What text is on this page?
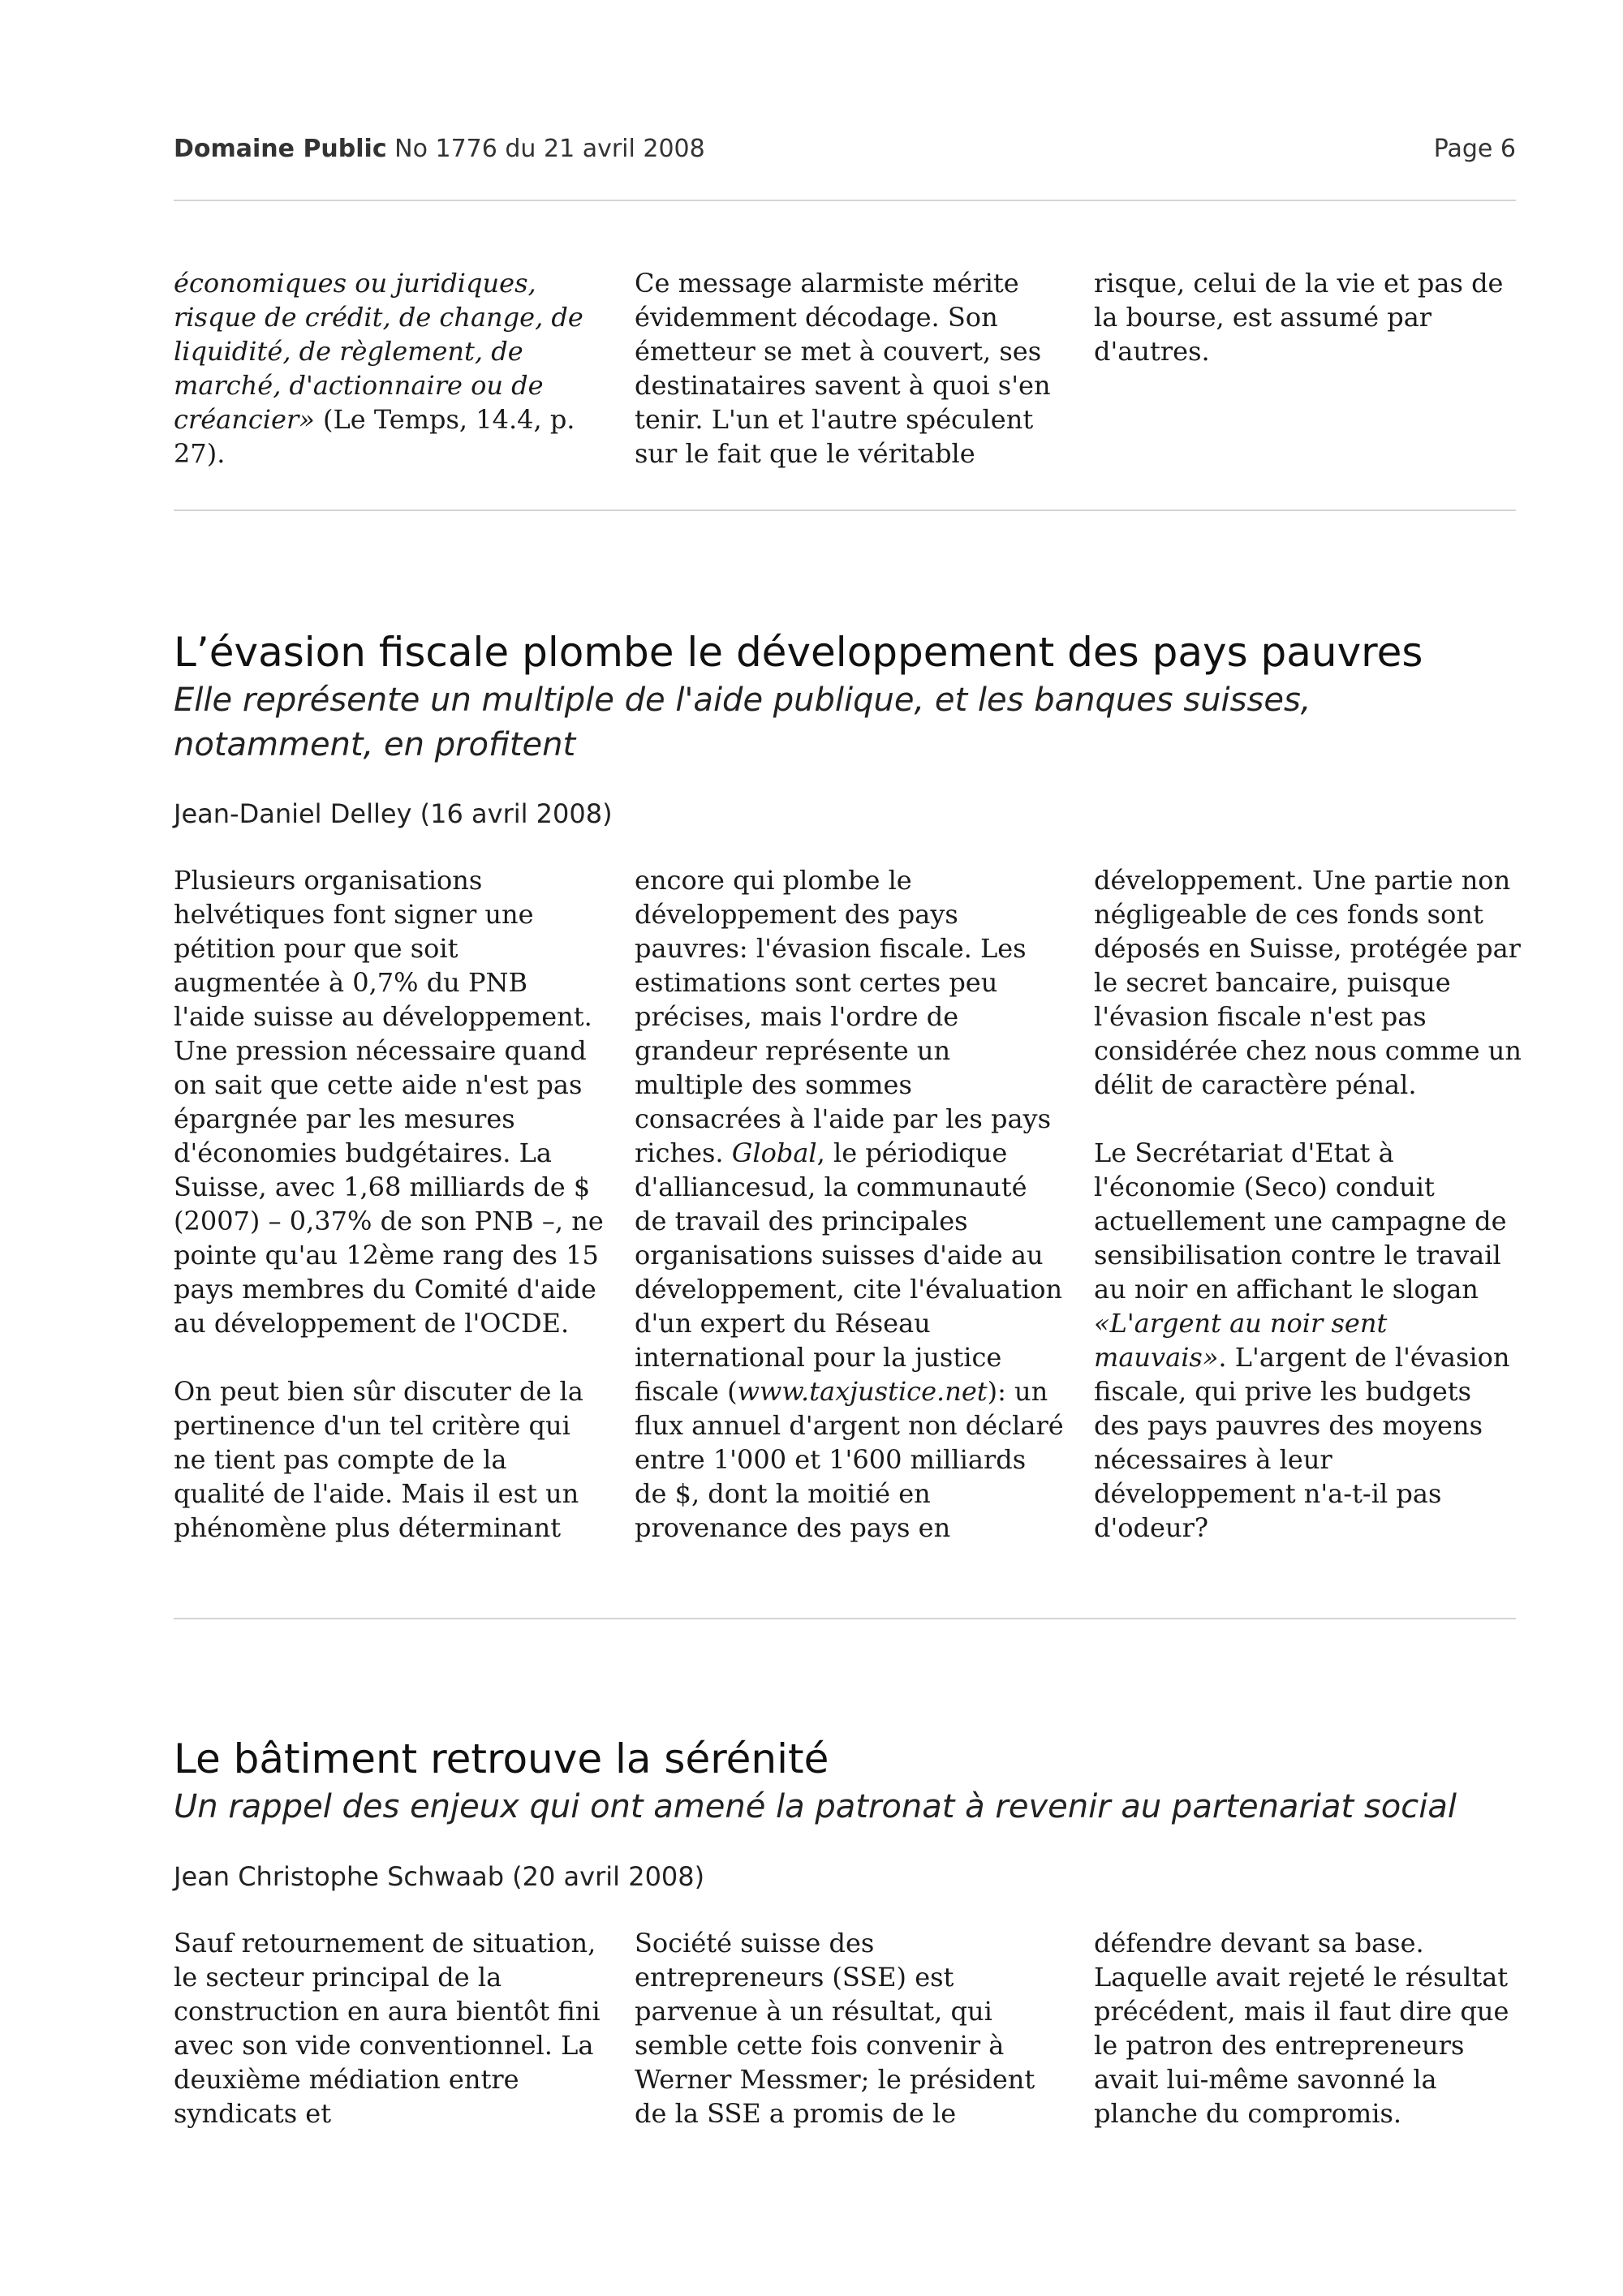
Domaine Public No 1776 du 21 avril 2008	Page 6

économiques ou juridiques, risque de crédit, de change, de liquidité, de règlement, de marché, d'actionnaire ou de créancier» (Le Temps, 14.4, p. 27).

Ce message alarmiste mérite évidemment décodage. Son émetteur se met à couvert, ses destinataires savent à quoi s'en tenir. L'un et l'autre spéculent sur le fait que le véritable

risque, celui de la vie et pas de la bourse, est assumé par d'autres.

L’évasion fiscale plombe le développement des pays pauvres
Elle représente un multiple de l'aide publique, et les banques suisses, notamment, en profitent
Jean-Daniel Delley (16 avril 2008)

Plusieurs organisations helvétiques font signer une pétition pour que soit augmentée à 0,7% du PNB l'aide suisse au développement. Une pression nécessaire quand on sait que cette aide n'est pas épargnée par les mesures d'économies budgétaires. La Suisse, avec 1,68 milliards de $ (2007) – 0,37% de son PNB –, ne pointe qu'au 12ème rang des 15 pays membres du Comité d'aide au développement de l'OCDE.

On peut bien sûr discuter de la pertinence d'un tel critère qui ne tient pas compte de la qualité de l'aide. Mais il est un phénomène plus déterminant

encore qui plombe le développement des pays pauvres: l'évasion fiscale. Les estimations sont certes peu précises, mais l'ordre de grandeur représente un multiple des sommes consacrées à l'aide par les pays riches. Global, le périodique d'alliancesud, la communauté de travail des principales organisations suisses d'aide au développement, cite l'évaluation d'un expert du Réseau international pour la justice fiscale (www.taxjustice.net): un flux annuel d'argent non déclaré entre 1'000 et 1'600 milliards de $, dont la moitié en provenance des pays en

développement. Une partie non négligeable de ces fonds sont déposés en Suisse, protégée par le secret bancaire, puisque l'évasion fiscale n'est pas considérée chez nous comme un délit de caractère pénal.

Le Secrétariat d'Etat à l'économie (Seco) conduit actuellement une campagne de sensibilisation contre le travail au noir en affichant le slogan «L'argent au noir sent mauvais». L'argent de l'évasion fiscale, qui prive les budgets des pays pauvres des moyens nécessaires à leur développement n'a-t-il pas d'odeur?

Le bâtiment retrouve la sérénité
Un rappel des enjeux qui ont amené la patronat à revenir au partenariat social
Jean Christophe Schwaab (20 avril 2008)

Sauf retournement de situation, le secteur principal de la construction en aura bientôt fini avec son vide conventionnel. La deuxième médiation entre syndicats et

Société suisse des entrepreneurs (SSE) est parvenue à un résultat, qui semble cette fois convenir à Werner Messmer; le président de la SSE a promis de le

défendre devant sa base. Laquelle avait rejeté le résultat précédent, mais il faut dire que le patron des entrepreneurs avait lui-même savonné la planche du compromis.
